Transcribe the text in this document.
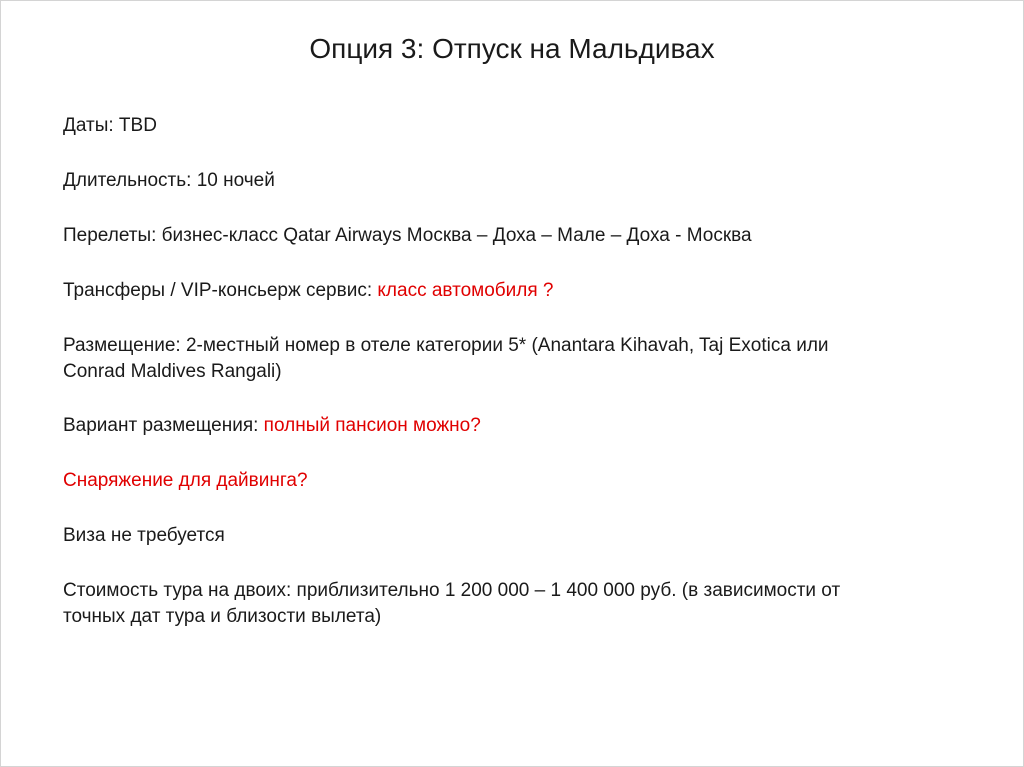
Опция 3: Отпуск на Мальдивах
Даты: TBD
Длительность: 10 ночей
Перелеты: бизнес-класс Qatar Airways Москва – Доха – Мале – Доха - Москва
Трансферы / VIP-консьерж сервис: класс автомобиля ?
Размещение: 2-местный номер в отеле категории 5* (Anantara Kihavah, Taj Exotica или
Conrad Maldives Rangali)
Вариант размещения: полный пансион можно?
Снаряжение для дайвинга?
Виза не требуется
Стоимость тура на двоих: приблизительно 1 200 000 – 1 400 000 руб. (в зависимости от
точных дат тура и близости вылета)
